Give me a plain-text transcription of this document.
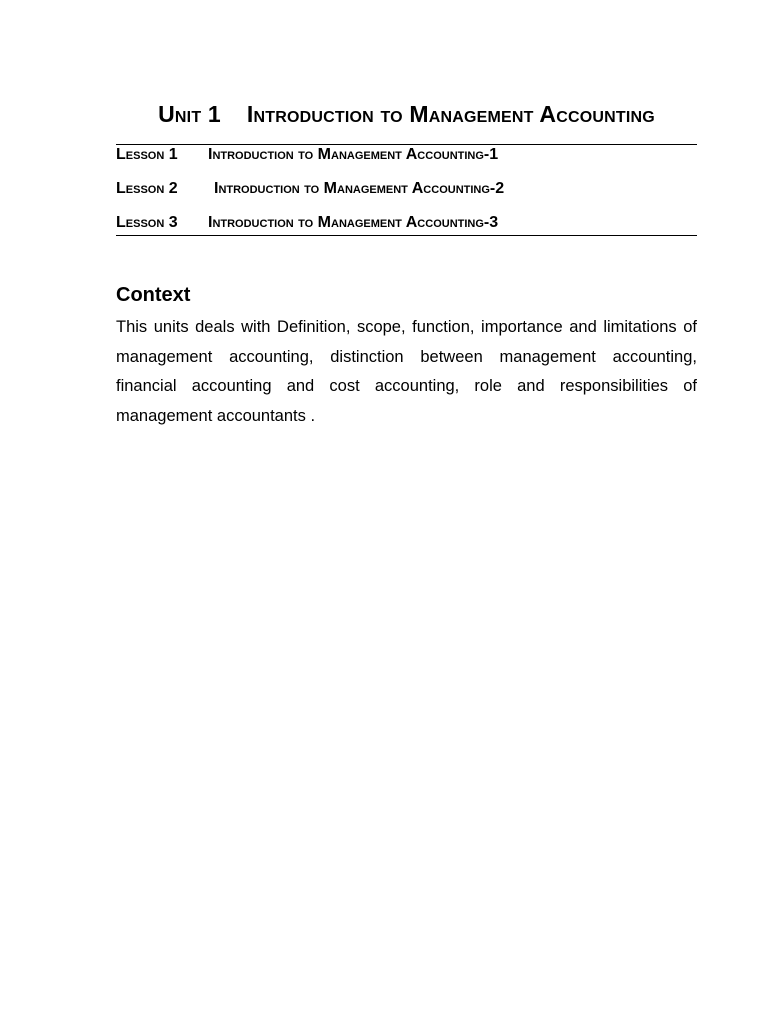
Unit 1 Introduction to Management Accounting
Lesson 1 Introduction to Management Accounting-1
Lesson 2 Introduction to Management Accounting-2
Lesson 3 Introduction to Management Accounting-3
Context
This units deals with Definition, scope, function, importance and limitations of management accounting, distinction between management accounting, financial accounting and cost accounting, role and responsibilities of management accountants .
